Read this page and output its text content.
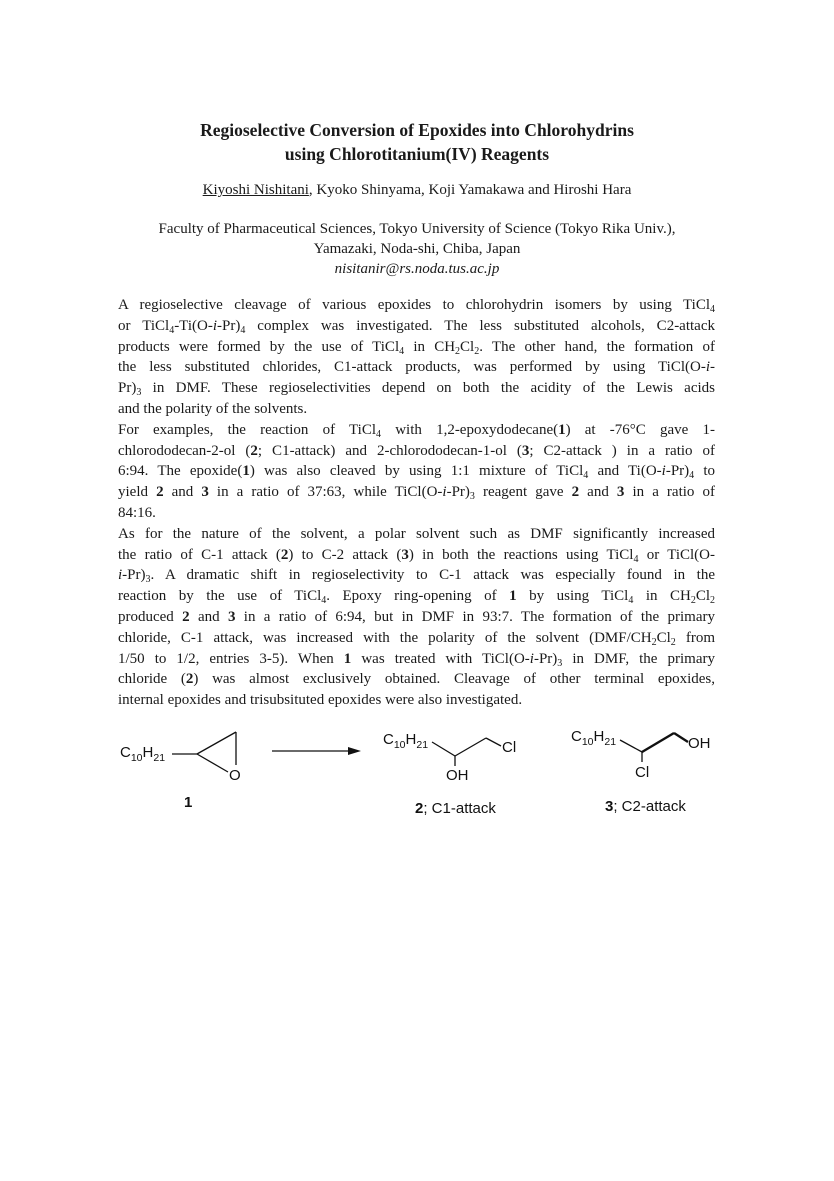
Regioselective Conversion of Epoxides into Chlorohydrins
using Chlorotitanium(IV) Reagents
Kiyoshi Nishitani, Kyoko Shinyama, Koji Yamakawa and Hiroshi Hara
Faculty of Pharmaceutical Sciences, Tokyo University of Science (Tokyo Rika Univ.),
Yamazaki, Noda-shi, Chiba, Japan
nisitanir@rs.noda.tus.ac.jp
A regioselective cleavage of various epoxides to chlorohydrin isomers by using TiCl$_4$
or $TiCl_4-Ti(O-i-Pr)_4$ complex was investigated. The less substituted alcohols, C2-attack
products were formed by the use of TiCl$_4$ in $CH_2Cl_2$. The other hand, the formation of
the less substituted chlorides, C1-attack products, was performed by using TiCl(O-i-
$Pr)_3$ in DMF. These regioselectivities depend on both the acidity of the Lewis acids
and the polarity of the solvents.
For examples, the reaction of TiCl$_4$ with 1,2-epoxydodecane(1) at -76°C gave 1-
chlorododecan-2-ol (2; C1-attack) and 2-chlorododecan-1-ol (3; C2-attack ) in a ratio of
6:94. The epoxide(1) was also cleaved by using 1:1 mixture of TiCl$_4$ and $Ti(O-i-Pr)_4$ to
yield 2 and 3 in a ratio of 37:63, while $TiCl(O-i-Pr)_3$ reagent gave 2 and 3 in a ratio of
84:16.
As for the nature of the solvent, a polar solvent such as DMF significantly increased
the ratio of C-1 attack (2) to C-2 attack (3) in both the reactions using TiCl$_4$ or TiCl(O-
$i-Pr)_3$. A dramatic shift in regioselectivity to C-1 attack was especially found in the
reaction by the use of TiCl$_4$. Epoxy ring-opening of 1 by using TiCl$_4$ in $CH_2Cl_2$
produced 2 and 3 in a ratio of 6:94, but in DMF in 93:7. The formation of the primary
chloride, C-1 attack, was increased with the polarity of the solvent ($DMF/CH_2Cl_2$ from
1/50 to 1/2, entries 3-5). When 1 was treated with $TiCl(O-i-Pr)_3$ in DMF, the primary
chloride (2) was almost exclusively obtained. Cleavage of other terminal epoxides,
internal epoxides and trisubsituted epoxides were also investigated.
$C_{10}H_{21}$
O
1
$C_{10}H_{21}$	Cl
OH
2; C1-attack
$C_{10}H_{21}$	OH
Cl
3; C2-attack
